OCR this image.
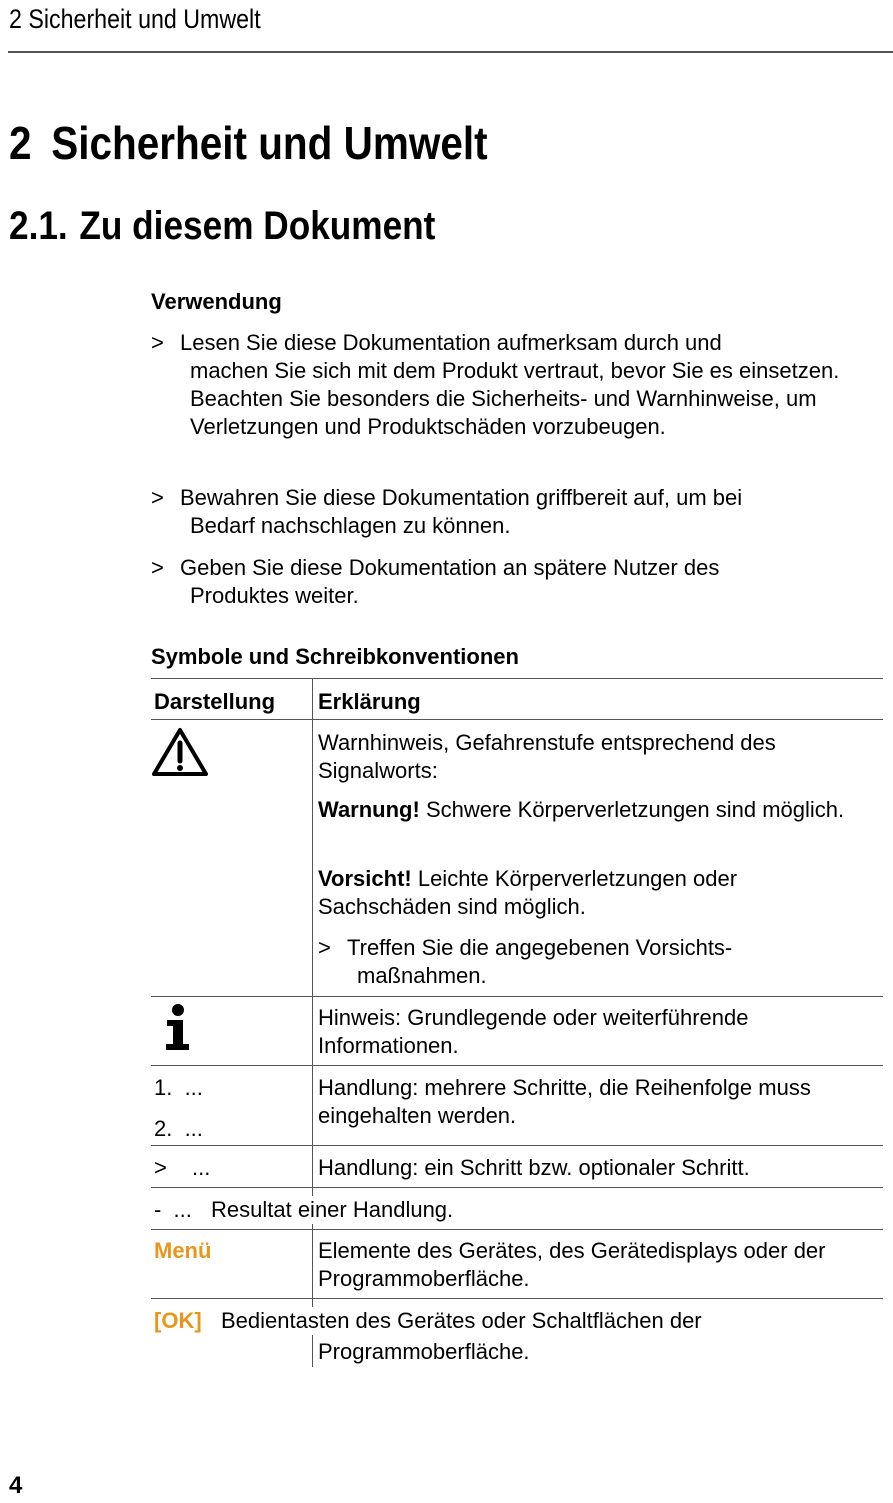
2 Sicherheit und Umwelt
2 Sicherheit und Umwelt
2.1. Zu diesem Dokument
Verwendung
> Lesen Sie diese Dokumentation aufmerksam durch und
machen Sie sich mit dem Produkt vertraut, bevor Sie es einsetzen. Beachten Sie besonders die Sicherheits- und Warnhinweise, um Verletzungen und Produktschäden vorzubeugen.
> Bewahren Sie diese Dokumentation griffbereit auf, um bei
Bedarf nachschlagen zu können.
> Geben Sie diese Dokumentation an spätere Nutzer des
Produktes weiter.
Symbole und Schreibkonventionen
Darstellung Erklärung
Warnhinweis, Gefahrenstufe entsprechend des Signalworts:
Warnung! Schwere Körperverletzungen sind möglich.
Vorsicht! Leichte Körperverletzungen oder Sachschäden sind möglich.
> Treffen Sie die angegebenen Vorsichts-
maßnahmen.
Hinweis: Grundlegende oder weiterführende Informationen.
1.  ...
2.  ...
Handlung: mehrere Schritte, die Reihenfolge muss eingehalten werden.
> ...	Handlung: ein Schritt bzw. optionaler Schritt.
-  ... Resultat einer Handlung.
Menü	Elemente des Gerätes, des Gerätedisplays oder der Programmoberfläche.
[OK] Bedientasten des Gerätes oder Schaltflächen der
Programmoberfläche.
4
